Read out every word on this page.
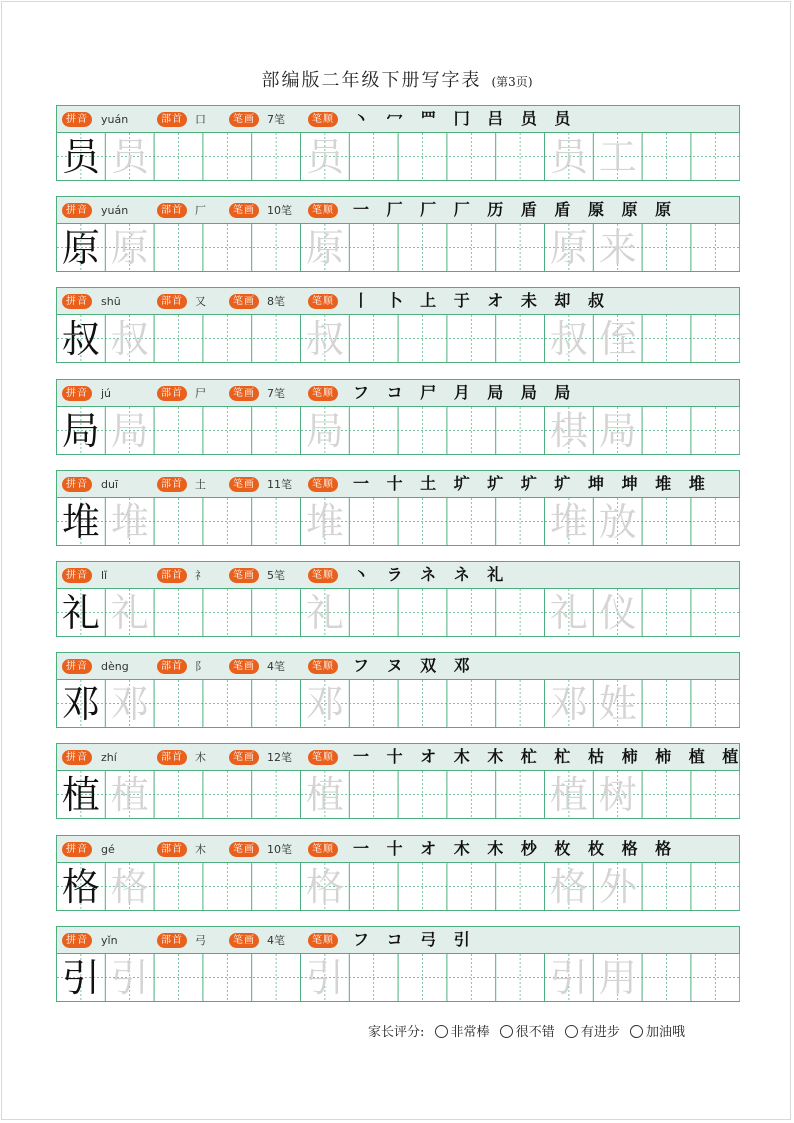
部编版二年级下册写字表 (第3页)
拼音	yuán	部首	口	笔画	7笔	笔顺 丶 冖 罒 冂 吕 员 员
员 员	员	员 工
拼音	yuán	部首	厂	笔画	10笔	笔顺 一 厂 厂 厂 历 盾 盾 厡 原 原
原 原	原	原 来
拼音	shū	部首	又	笔画	8笔	笔顺 丨 卜 上 于 オ 未 却 叔
叔 叔	叔	叔 侄
拼音	jú	部首	尸	笔画	7笔	笔顺 フ コ 尸 月 局 局 局
局 局	局	棋 局
拼音	duī	部首	土	笔画	11笔	笔顺 一 十 土 圹 圹 圹 圹 坤 坤 堆 堆
堆 堆	堆	堆 放
拼音	lǐ	部首	礻	笔画	5笔	笔顺 丶 ラ ネ ネ 礼
礼 礼	礼	礼 仪
拼音	dèng	部首	阝	笔画	4笔	笔顺 フ ヌ 双 邓
邓 邓	邓	邓 姓
拼音	zhí	部首	木	笔画	12笔	笔顺 一 十 オ 木 木 杧 杧 枯 柿 柿 植 植
植 植	植	植 树
拼音	gé	部首	木	笔画	10笔	笔顺 一 十 オ 木 木 杪 枚 枚 格 格
格 格	格	格 外
拼音	yǐn	部首	弓	笔画	4笔	笔顺 フ コ 弓 引
引 引	引	引 用
家长评分: 非常棒 很不错 有进步 加油哦
